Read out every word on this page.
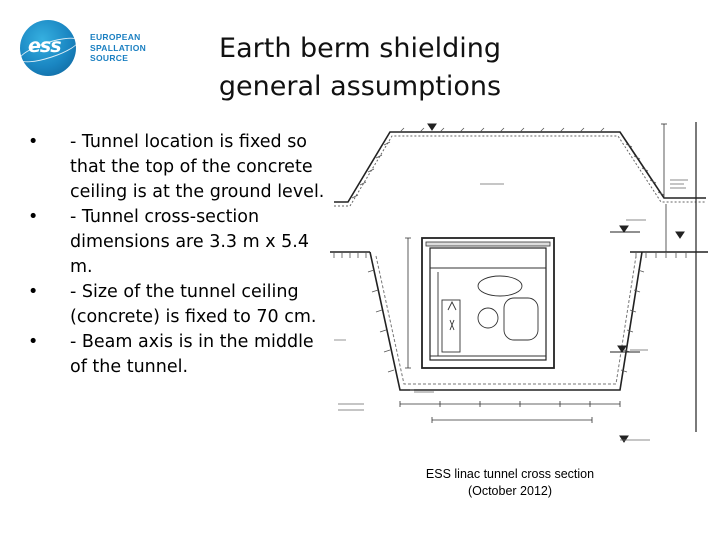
ess	EUROPEAN
SPALLATION
SOURCE	Earth berm shielding
general assumptions
• - Tunnel location is fixed so that the top of the concrete ceiling is at the ground level.
• - Tunnel cross-section dimensions are 3.3 m x 5.4 m.
• - Size of the tunnel ceiling (concrete) is fixed to 70 cm.
• - Beam axis is in the middle of the tunnel.
ESS linac tunnel cross section
(October 2012)
